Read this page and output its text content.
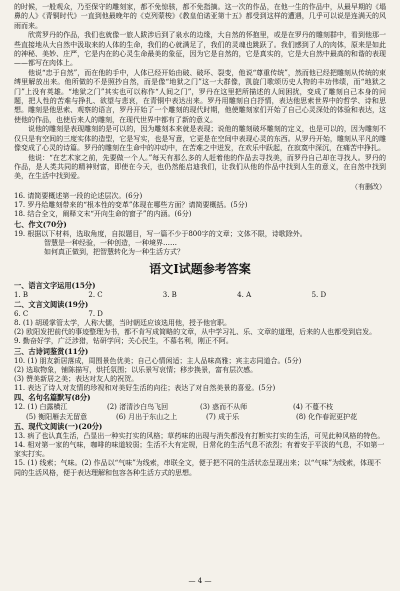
的时候，一般观众，乃至保守的雕刻家，都不免惊骇，都不免指摘。这一次的作品，在他一生的作品中，从最早期的《塌鼻的人》《青铜时代》一直到他最晚年的《克列蒙梭》《教皇伯诺亚第十五》都受到这样的遭遇，几乎可以说是连满天的风雨而来。

欣赏罗丹的作品，我们也就像一旅人跋涉后到了泉水的边缘，大自然的怀抱里，或是在罗丹的雕刻群中，看到他那一些直接地从大自然中汲取来的人体的生命，我们的心就满足了，我们的灵魂也跳跃了。我们感到了人的肉体，原来是如此的神秘、美妙、庄严，它是内在的心灵生命最美的象征，因为它是自然的，它是真实的，它是大自然中最高的和谐的表现——都写在肉体上。

他说“忠于自然”，而在他的手中，人体已经开始由破、破坏、裂变，他说“尊重传统”，然而他已经把雕刻从传统的束缚里解放出来。他所做的不是照抄自然，而是像“地狱之门”这一大群像，凯旋门歌颂历史人物的丰功伟绩，而“地狱之门”上没有英雄。“地狱之门”其实也可以称作“人间之门”，罗丹在这里把所描述的人间困扰，变成了雕刻自己本身的问题，把人性的苦难与挣扎、欲望与悲哀，在青铜中表达出来。罗丹用雕刻自白抒情，表达他思索世界中的哲学、诗和思想。雕刻是他思索、观察的语言，罗丹开始了一个雕刻的现代时期，他使雕刻家们开始了自己心灵深处的体验和表达，这使他的作品，也使后来人的雕刻，在现代世界中都有了新的意义。

说他的雕刻是表现雕刻的是可以的，因为雕刻本来就是表现；说他的雕刻破坏雕刻的定义，也是可以的，因为雕刻不仅只是有空间的三度实体的造型，它是写实，也是写意，它更是在空间中表现心灵的东西。从罗丹开始，雕刻从平凡的雕像变成了心灵的诗篇。罗丹的雕刻在生命中的冲动中，在苦难之中迸发，在欢乐中跃起，在寂寞中深沉，在痛苦中挣扎。

他说：“在艺术家之前，先要做一个人。”每天有那么多的人赶着他的作品去寻找美，而罗丹自己却在寻找人。罗丹的作品，是人类共同的精神财富，即使在今天，也仍然能启迪我们，让我们从他的作品中找到人生的意义，在自然中找到美，在生活中找到爱。

（有删改）

16. 请简要概述第一段的论述层次。(6分)

17. 罗丹给雕刻带来的“根本性的变革”体现在哪些方面？请简要概括。(5分)

18. 结合全文，阐释文末“开向生命的窗子”的内涵。(6分)

七、作文(70分)

19. 根据以下材料，选取角度，自拟题目，写一篇不少于800字的文章；文体不限，诗歌除外。

智慧是一种经验，一种创造，一种境界……

如何真正做到，把智慧转化为一种生活方式？

语文Ⅰ试题参考答案

一、语言文字运用(15分)

1. B	2. C	3. B	4. A	5. D

二、文言文阅读(19分)

6. C	7. D

8. (1) 胡瑗掌管太学，人称大儒，当时朝廷应该选用他，授予他官职。

(2) 欧阳发把前代的事迹整理为书，都不肯写成简略的文章，从中学习礼、乐、文章的道理，后来的人也都受到启发。

9. 勤奋好学，广泛涉猎，钻研学问；关心民生，不慕名利，刚正不阿。

三、古诗词鉴赏(11分)

10. (1) 朋友新居落成，周围景色优美；自己心情闲适；主人品味高雅；宾主志同道合。(5分)

(2) 选取物象，铺陈描写，烘托氛围；以乐景写哀情；移步换景，富有层次感。

(3) 赞美新居之美；表达对友人的祝贺。

11. 表达了诗人对友情的珍视和对美好生活的向往；表达了对自然美景的喜爱。(5分)

四、名句名篇默写(8分)

12. (1) 白露横江	(2) 渚清沙白鸟飞回	(3) 惑而不从师	(4) 不蔓不枝
(5) 衡阳雁去无留意	(6) 月出于东山之上	(7) 成于乐	(8) 化作春泥更护花

五、现代文阅读(一)(20分)

13. 病了也认真生活，凸显出一种实打实的风格；草药味的出现与消失都没有打断实打实的生活，可见此种风格的特色。

14. 相对第一家的气味，咖啡的味道较弱；生活不大有定规，日常化的生活气息不浓烈；有着安于平淡的气息，不如第一家实打实。

15. (1) 线索；气味。(2) 作品以“气味”为线索，串联全文，便于把不同的生活状态呈现出来；以“气味”为线索，体现不同的生活风格，便于表达理解和包容各种生活方式的思想。

— 4 —
